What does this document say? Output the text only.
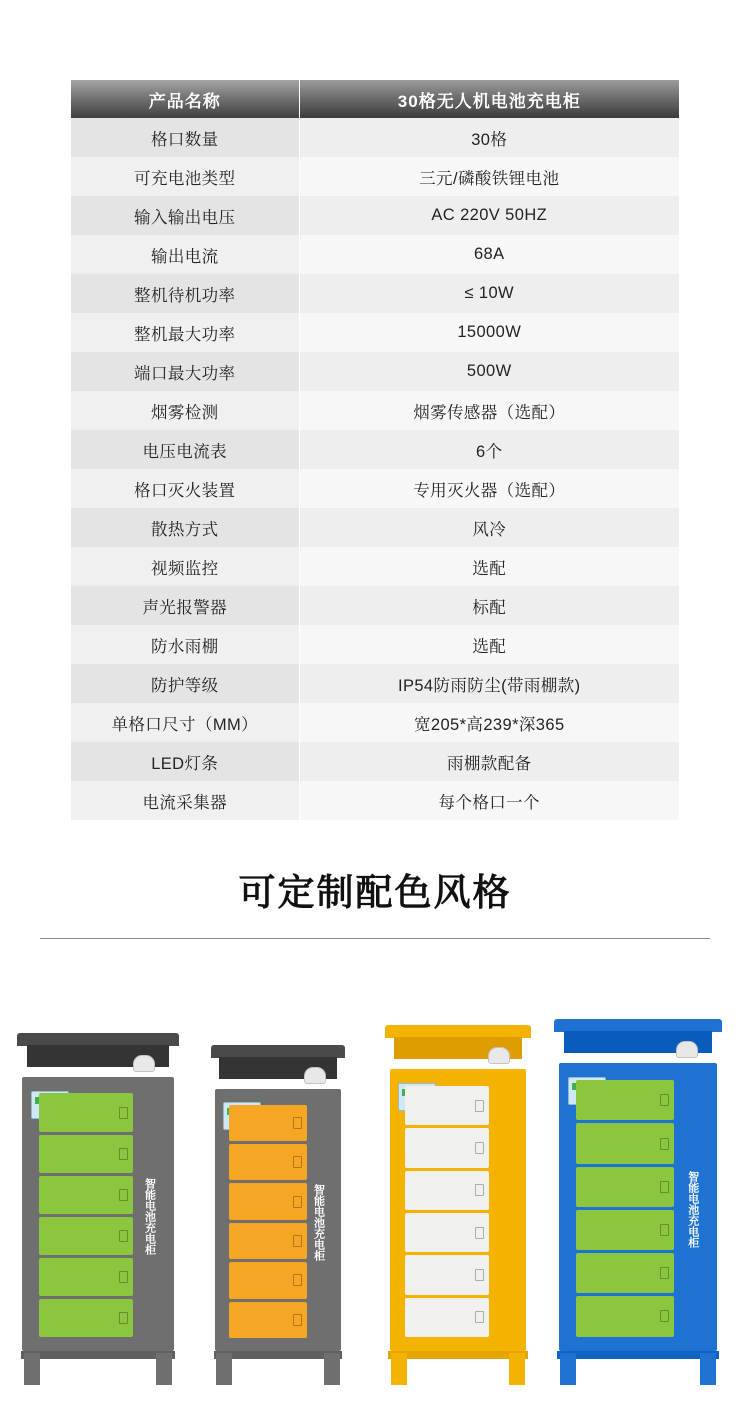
产品名称	30格无人机电池充电柜
格口数量	30格
可充电池类型	三元/磷酸铁锂电池
输入输出电压	AC 220V 50HZ
输出电流	68A
整机待机功率	≤ 10W
整机最大功率	15000W
端口最大功率	500W
烟雾检测	烟雾传感器（选配）
电压电流表	6个
格口灭火装置	专用灭火器（选配）
散热方式	风冷
视频监控	选配
声光报警器	标配
防水雨棚	选配
防护等级	IP54防雨防尘(带雨棚款)
单格口尺寸（MM）	宽205*高239*深365
LED灯条	雨棚款配备
电流采集器	每个格口一个
可定制配色风格
智能电池充电柜	智能电池充电柜	智能电池充电柜	智能电池充电柜
